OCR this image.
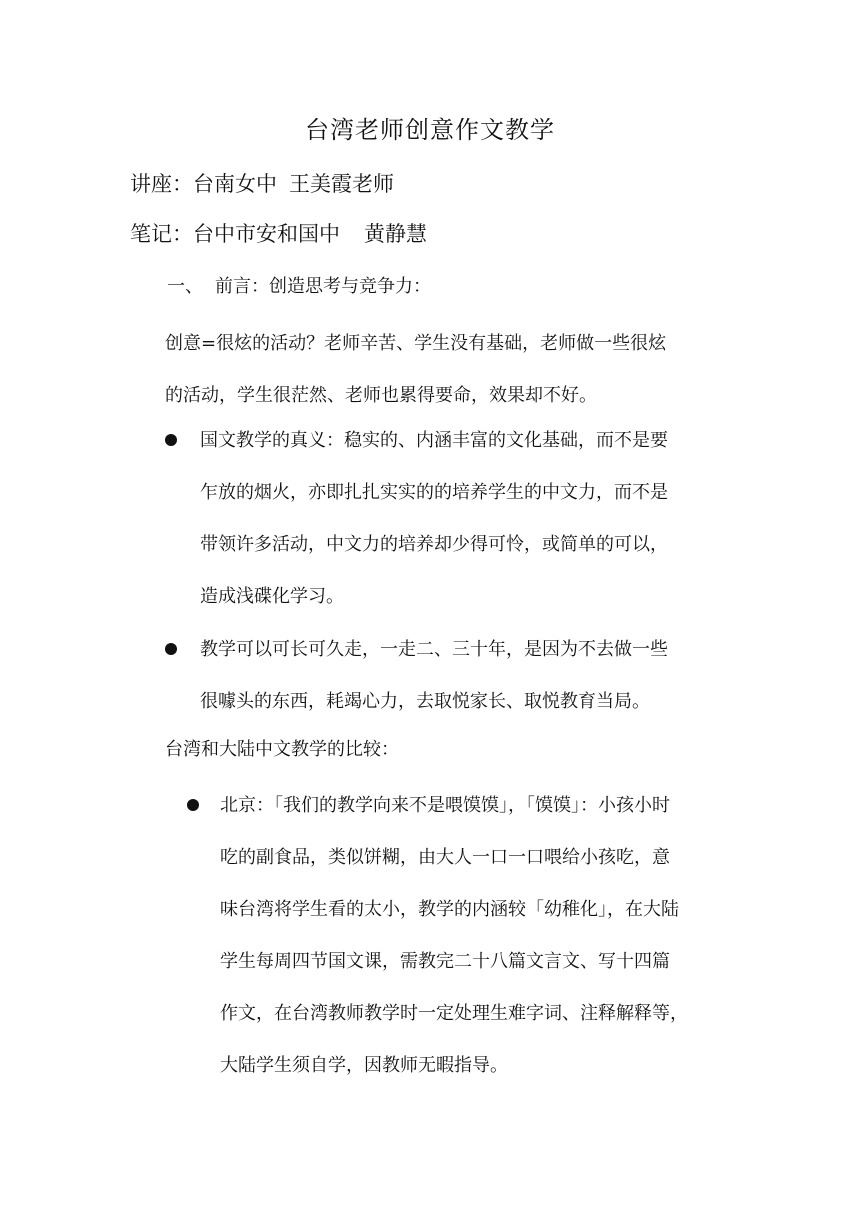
台湾老师创意作文教学
讲座：台南女中 王美霞老师
笔记：台中市安和国中 黄静慧
一、 前言：创造思考与竞争力：
创意=很炫的活动？老师辛苦、学生没有基础，老师做一些很炫
的活动，学生很茫然、老师也累得要命，效果却不好。
国文教学的真义：稳实的、内涵丰富的文化基础，而不是要
乍放的烟火，亦即扎扎实实的的培养学生的中文力，而不是
带领许多活动，中文力的培养却少得可怜，或简单的可以，
造成浅碟化学习。
教学可以可长可久走，一走二、三十年，是因为不去做一些
很噱头的东西，耗竭心力，去取悦家长、取悦教育当局。
台湾和大陆中文教学的比较：
北京：「我们的教学向来不是喂馍馍」，「馍馍」：小孩小时
吃的副食品，类似饼糊，由大人一口一口喂给小孩吃，意
味台湾将学生看的太小，教学的内涵较「幼稚化」，在大陆
学生每周四节国文课，需教完二十八篇文言文、写十四篇
作文，在台湾教师教学时一定处理生难字词、注释解释等，
大陆学生须自学，因教师无暇指导。
